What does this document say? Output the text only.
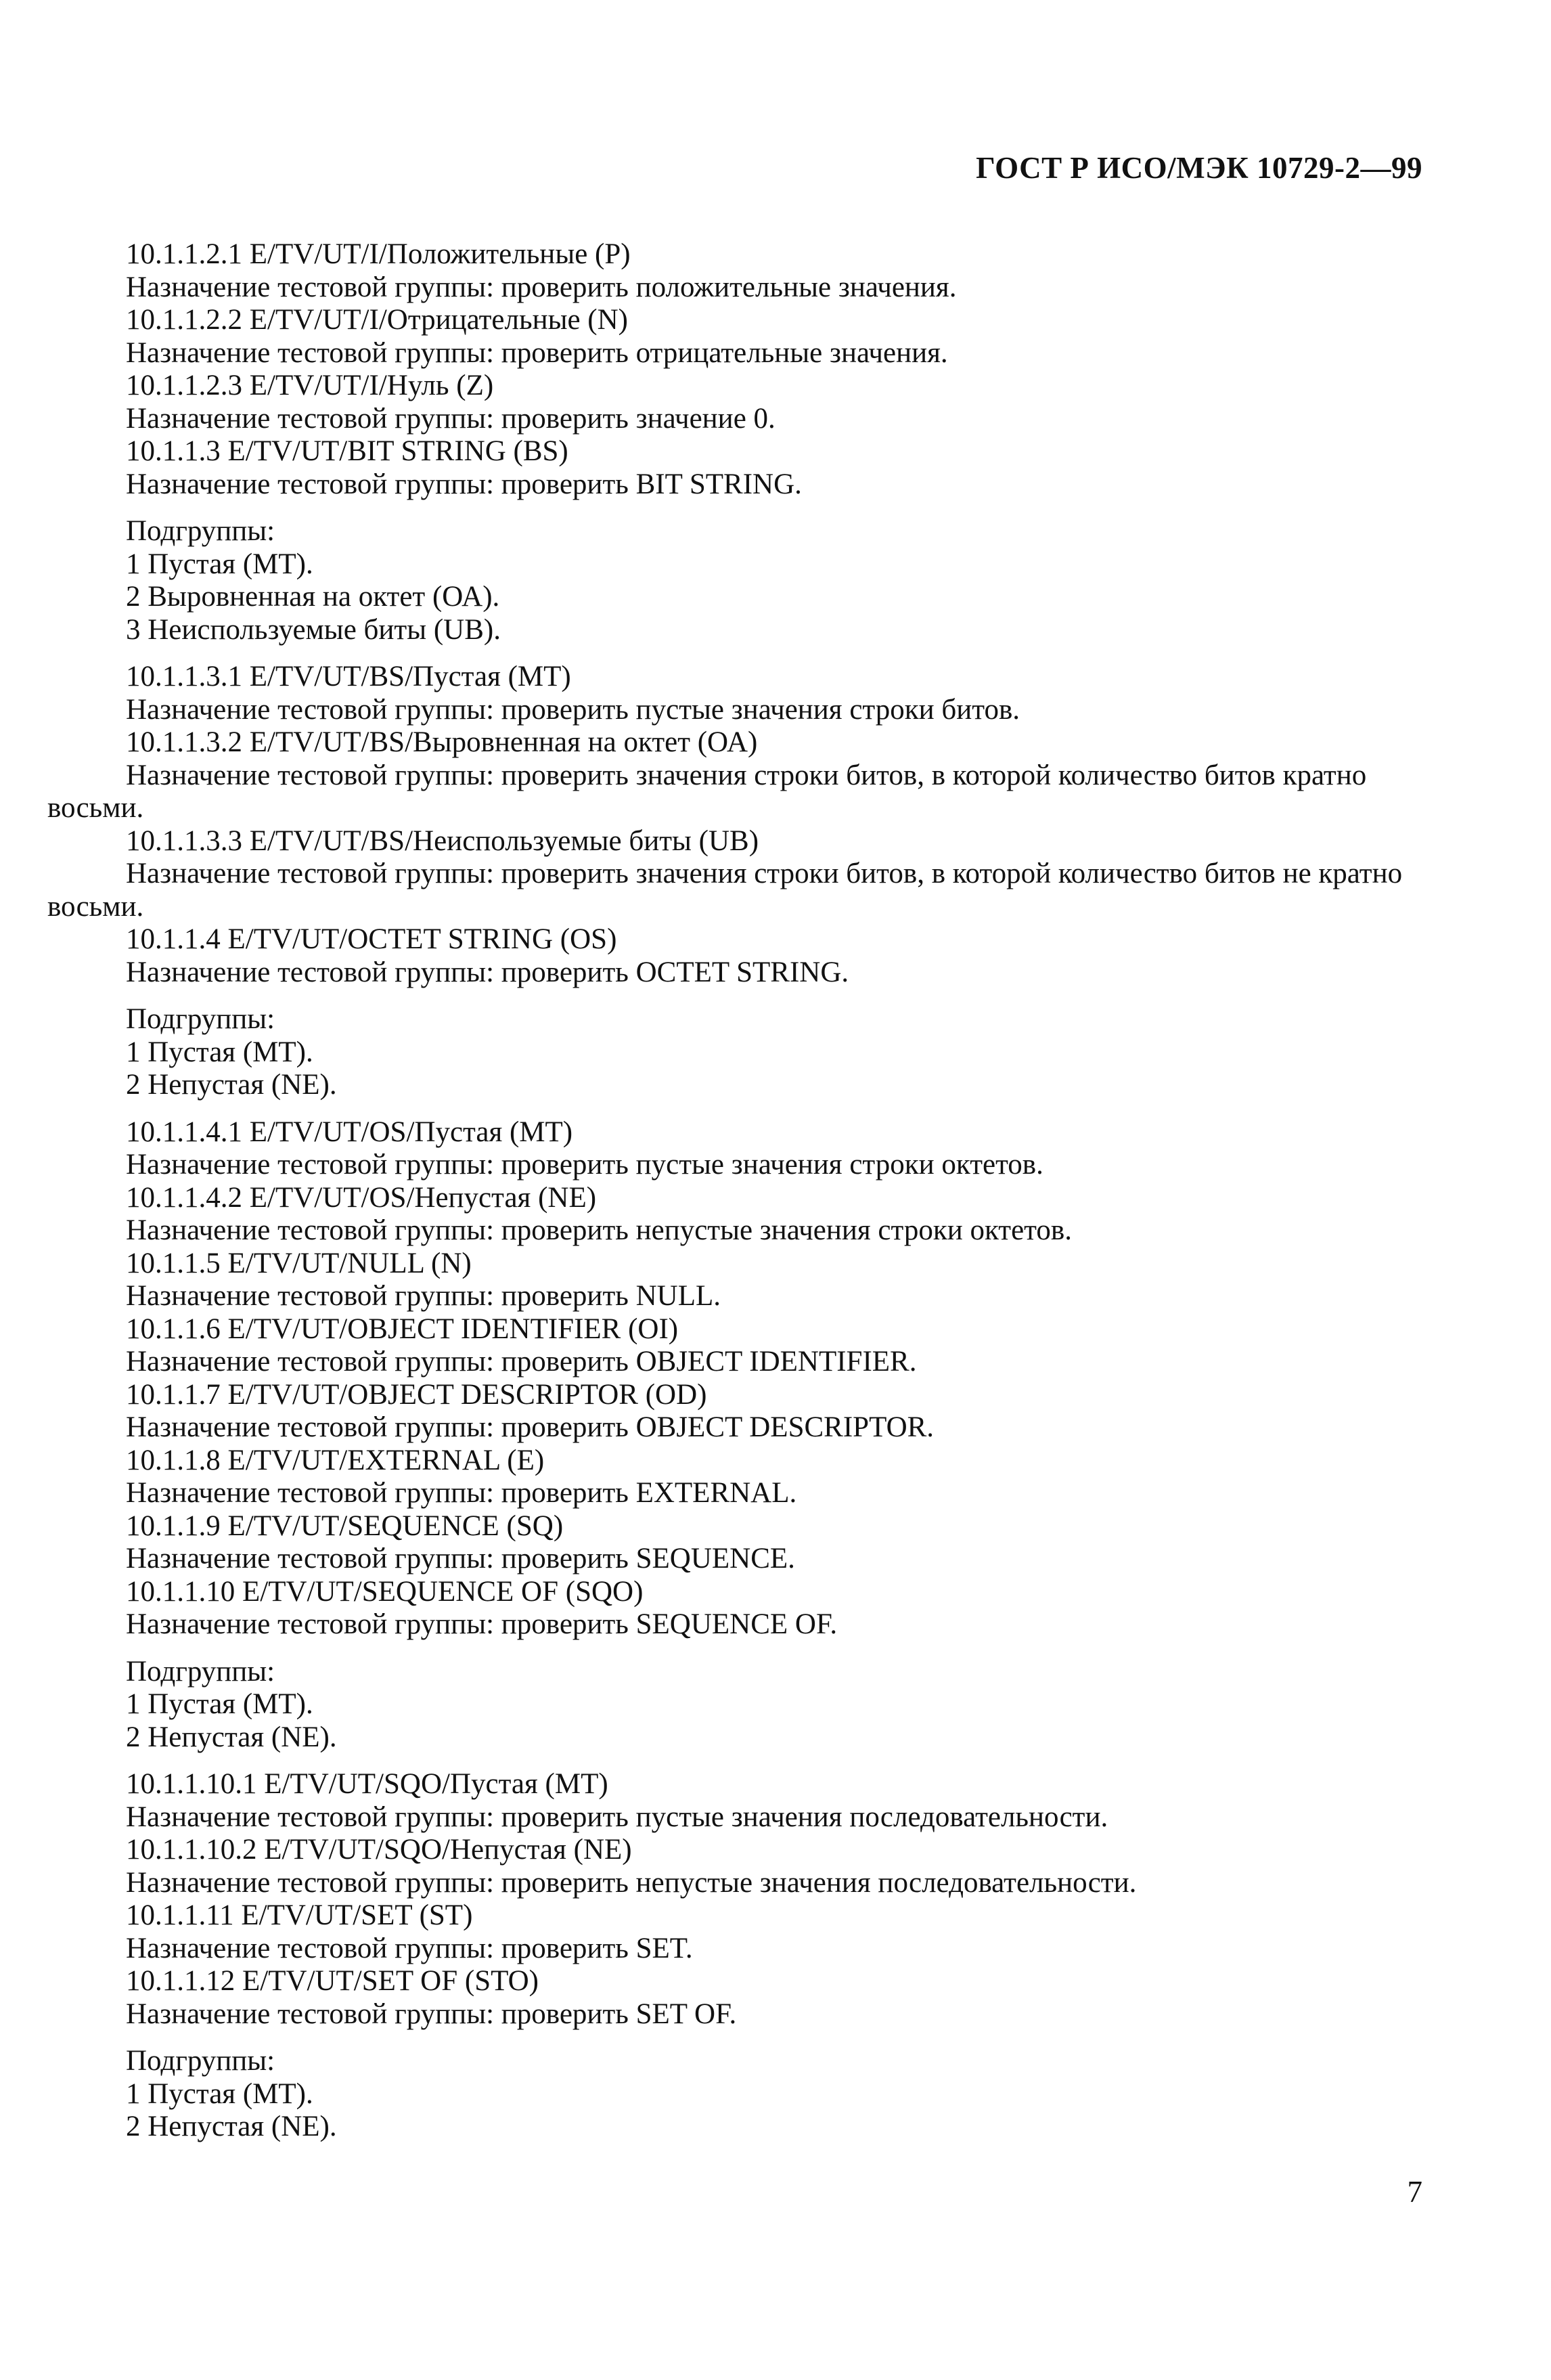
ГОСТ Р ИСО/МЭК 10729-2—99
10.1.1.2.1 E/TV/UT/I/Положительные (Р)
Назначение тестовой группы: проверить положительные значения.
10.1.1.2.2 E/TV/UT/I/Отрицательные (N)
Назначение тестовой группы: проверить отрицательные значения.
10.1.1.2.3 E/TV/UT/I/Нуль (Z)
Назначение тестовой группы: проверить значение 0.
10.1.1.3 E/TV/UT/BIT STRING (BS)
Назначение тестовой группы: проверить BIT STRING.
Подгруппы:
1 Пустая (МТ).
2 Выровненная на октет (ОА).
3 Неиспользуемые биты (UB).
10.1.1.3.1 E/TV/UT/BS/Пустая (МТ)
Назначение тестовой группы: проверить пустые значения строки битов.
10.1.1.3.2 E/TV/UT/BS/Выровненная на октет (ОА)
Назначение тестовой группы: проверить значения строки битов, в которой количество битов кратно восьми.
10.1.1.3.3 E/TV/UT/BS/Неиспользуемые биты (UB)
Назначение тестовой группы: проверить значения строки битов, в которой количество битов не кратно восьми.
10.1.1.4 E/TV/UT/OCTET STRING (OS)
Назначение тестовой группы: проверить OCTET STRING.
Подгруппы:
1 Пустая (МТ).
2 Непустая (NE).
10.1.1.4.1 E/TV/UT/OS/Пустая (МТ)
Назначение тестовой группы: проверить пустые значения строки октетов.
10.1.1.4.2 E/TV/UT/OS/Непустая (NE)
Назначение тестовой группы: проверить непустые значения строки октетов.
10.1.1.5 E/TV/UT/NULL (N)
Назначение тестовой группы: проверить NULL.
10.1.1.6 E/TV/UT/OBJECT IDENTIFIER (OI)
Назначение тестовой группы: проверить OBJECT IDENTIFIER.
10.1.1.7 E/TV/UT/OBJECT DESCRIPTOR (OD)
Назначение тестовой группы: проверить OBJECT DESCRIPTOR.
10.1.1.8 E/TV/UT/EXTERNAL (E)
Назначение тестовой группы: проверить EXTERNAL.
10.1.1.9 E/TV/UT/SEQUENCE (SQ)
Назначение тестовой группы: проверить SEQUENCE.
10.1.1.10 E/TV/UT/SEQUENCE OF (SQO)
Назначение тестовой группы: проверить SEQUENCE OF.
Подгруппы:
1 Пустая (МТ).
2 Непустая (NE).
10.1.1.10.1 E/TV/UT/SQO/Пустая (МТ)
Назначение тестовой группы: проверить пустые значения последовательности.
10.1.1.10.2 E/TV/UT/SQO/Непустая (NE)
Назначение тестовой группы: проверить непустые значения последовательности.
10.1.1.11 E/TV/UT/SET (ST)
Назначение тестовой группы: проверить SET.
10.1.1.12 E/TV/UT/SET OF (STO)
Назначение тестовой группы: проверить SET OF.
Подгруппы:
1 Пустая (МТ).
2 Непустая (NE).
7
